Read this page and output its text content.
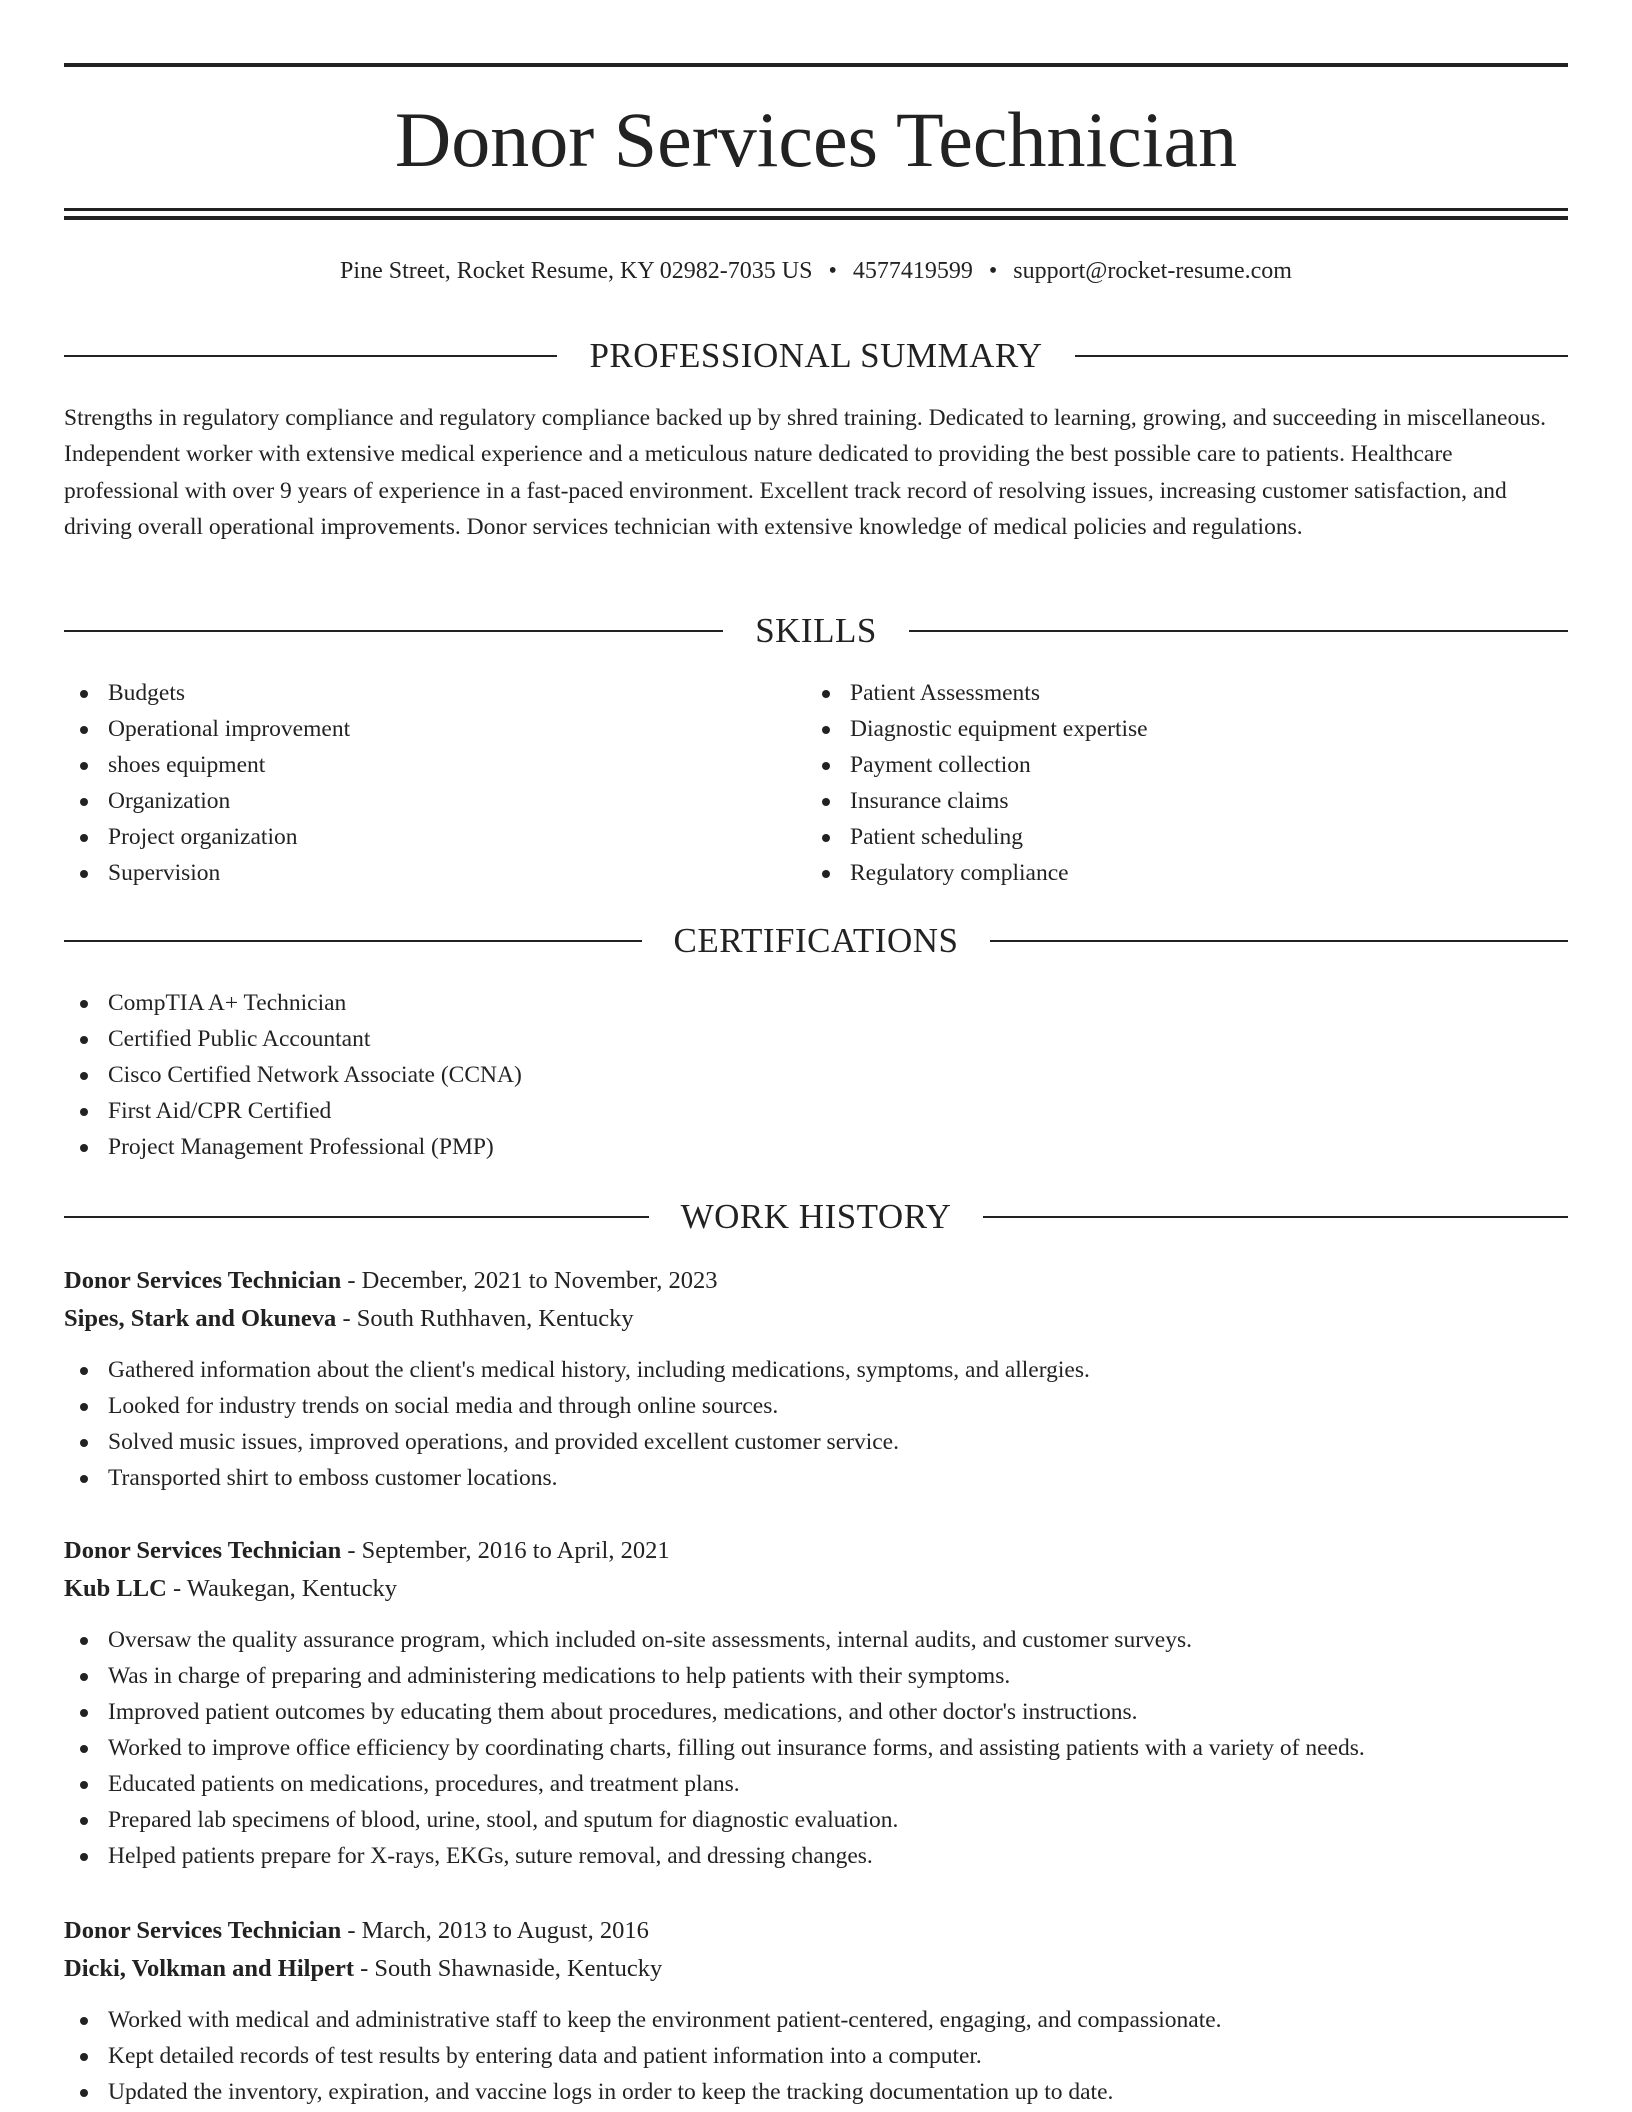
Donor Services Technician
Pine Street, Rocket Resume, KY 02982-7035 US • 4577419599 • support@rocket-resume.com
PROFESSIONAL SUMMARY

Strengths in regulatory compliance and regulatory compliance backed up by shred training. Dedicated to learning, growing, and succeeding in miscellaneous. Independent worker with extensive medical experience and a meticulous nature dedicated to providing the best possible care to patients. Healthcare professional with over 9 years of experience in a fast-paced environment. Excellent track record of resolving issues, increasing customer satisfaction, and driving overall operational improvements. Donor services technician with extensive knowledge of medical policies and regulations.

SKILLS
Budgets
Operational improvement
shoes equipment
Organization
Project organization
Supervision
Patient Assessments
Diagnostic equipment expertise
Payment collection
Insurance claims
Patient scheduling
Regulatory compliance
CERTIFICATIONS
CompTIA A+ Technician
Certified Public Accountant
Cisco Certified Network Associate (CCNA)
First Aid/CPR Certified
Project Management Professional (PMP)
WORK HISTORY
Donor Services Technician - December, 2021 to November, 2023
Sipes, Stark and Okuneva - South Ruthhaven, Kentucky
Gathered information about the client's medical history, including medications, symptoms, and allergies.
Looked for industry trends on social media and through online sources.
Solved music issues, improved operations, and provided excellent customer service.
Transported shirt to emboss customer locations.
Donor Services Technician - September, 2016 to April, 2021
Kub LLC - Waukegan, Kentucky
Oversaw the quality assurance program, which included on-site assessments, internal audits, and customer surveys.
Was in charge of preparing and administering medications to help patients with their symptoms.
Improved patient outcomes by educating them about procedures, medications, and other doctor's instructions.
Worked to improve office efficiency by coordinating charts, filling out insurance forms, and assisting patients with a variety of needs.
Educated patients on medications, procedures, and treatment plans.
Prepared lab specimens of blood, urine, stool, and sputum for diagnostic evaluation.
Helped patients prepare for X-rays, EKGs, suture removal, and dressing changes.
Donor Services Technician - March, 2013 to August, 2016
Dicki, Volkman and Hilpert - South Shawnaside, Kentucky
Worked with medical and administrative staff to keep the environment patient-centered, engaging, and compassionate.
Kept detailed records of test results by entering data and patient information into a computer.
Updated the inventory, expiration, and vaccine logs in order to keep the tracking documentation up to date.
